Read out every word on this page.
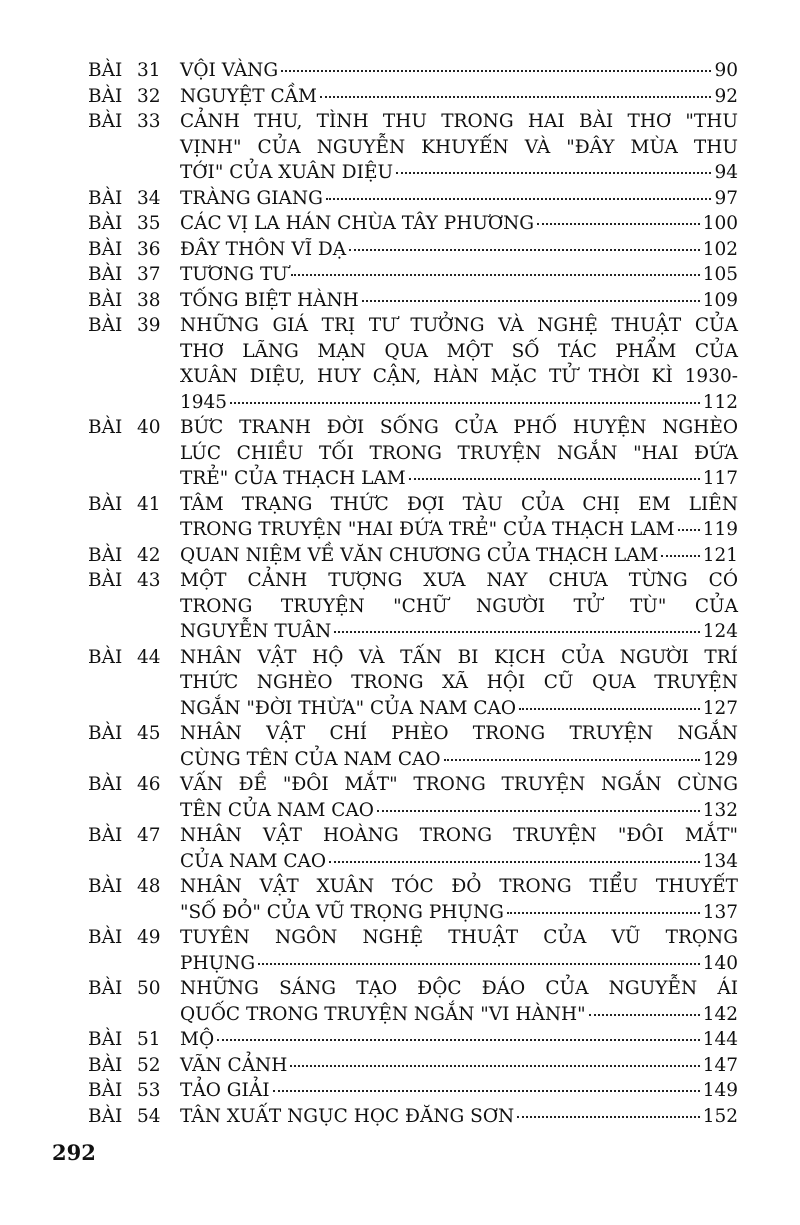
BÀI 31	VỘI VÀNG	90
BÀI 32	NGUYỆT CẦM	92
BÀI 33	CẢNH THU, TÌNH THU TRONG HAI BÀI THƠ "THU
VỊNH" CỦA NGUYỄN KHUYẾN VÀ "ĐÂY MÙA THU
TỚI" CỦA XUÂN DIỆU	94
BÀI 34	TRÀNG GIANG	97
BÀI 35	CÁC VỊ LA HÁN CHÙA TÂY PHƯƠNG	100
BÀI 36	ĐÂY THÔN VĨ DẠ	102
BÀI 37	TƯƠNG TƯ	105
BÀI 38	TỐNG BIỆT HÀNH	109
BÀI 39	NHỮNG GIÁ TRỊ TƯ TƯỞNG VÀ NGHỆ THUẬT CỦA
THƠ LÃNG MẠN QUA MỘT SỐ TÁC PHẨM CỦA
XUÂN DIỆU, HUY CẬN, HÀN MẶC TỬ THỜI KÌ 1930-
1945	112
BÀI 40	BỨC TRANH ĐỜI SỐNG CỦA PHỐ HUYỆN NGHÈO
LÚC CHIỀU TỐI TRONG TRUYỆN NGẮN "HAI ĐỨA
TRẺ" CỦA THẠCH LAM	117
BÀI 41	TÂM TRẠNG THỨC ĐỢI TÀU CỦA CHỊ EM LIÊN
TRONG TRUYỆN "HAI ĐỨA TRẺ" CỦA THẠCH LAM 119
BÀI 42	QUAN NIỆM VỀ VĂN CHƯƠNG CỦA THẠCH LAM 121
BÀI 43	MỘT CẢNH TƯỢNG XƯA NAY CHƯA TỪNG CÓ
TRONG TRUYỆN "CHỮ NGƯỜI TỬ TÙ" CỦA
NGUYỄN TUÂN	124
BÀI 44	NHÂN VẬT HỘ VÀ TẤN BI KỊCH CỦA NGƯỜI TRÍ
THỨC NGHÈO TRONG XÃ HỘI CŨ QUA TRUYỆN
NGẮN "ĐỜI THỪA" CỦA NAM CAO	127
BÀI 45	NHÂN VẬT CHÍ PHÈO TRONG TRUYỆN NGẮN
CÙNG TÊN CỦA NAM CAO	129
BÀI 46	VẤN ĐỀ "ĐÔI MẮT" TRONG TRUYỆN NGẮN CÙNG
TÊN CỦA NAM CAO	132
BÀI 47	NHÂN VẬT HOÀNG TRONG TRUYỆN "ĐÔI MẮT"
CỦA NAM CAO	134
BÀI 48	NHÂN VẬT XUÂN TÓC ĐỎ TRONG TIỂU THUYẾT
"SỐ ĐỎ" CỦA VŨ TRỌNG PHỤNG	137
BÀI 49	TUYÊN NGÔN NGHỆ THUẬT CỦA VŨ TRỌNG
PHỤNG	140
BÀI 50	NHỮNG SÁNG TẠO ĐỘC ĐÁO CỦA NGUYỄN ÁI
QUỐC TRONG TRUYỆN NGẮN "VI HÀNH"	142
BÀI 51	MỘ	144
BÀI 52	VÃN CẢNH	147
BÀI 53	TẢO GIẢI	149
BÀI 54	TÂN XUẤT NGỤC HỌC ĐĂNG SƠN	152
292
